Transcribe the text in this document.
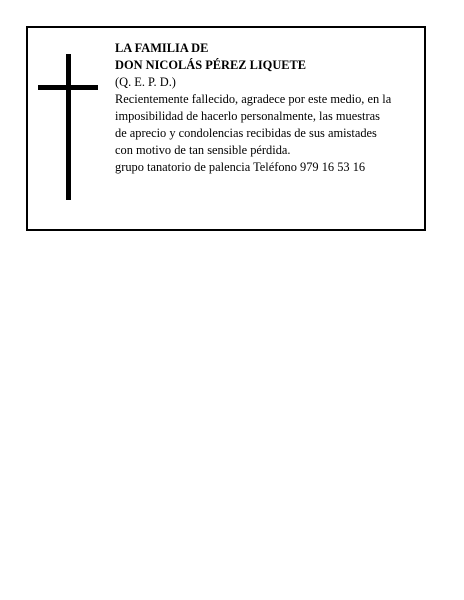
LA FAMILIA DE
DON NICOLÁS PÉREZ LIQUETE
(Q. E. P. D.)
Recientemente fallecido, agradece por este medio, en la
imposibilidad de hacerlo personalmente, las muestras
de aprecio y condolencias recibidas de sus amistades
con motivo de tan sensible pérdida.
grupo tanatorio de palencia Teléfono 979 16 53 16
